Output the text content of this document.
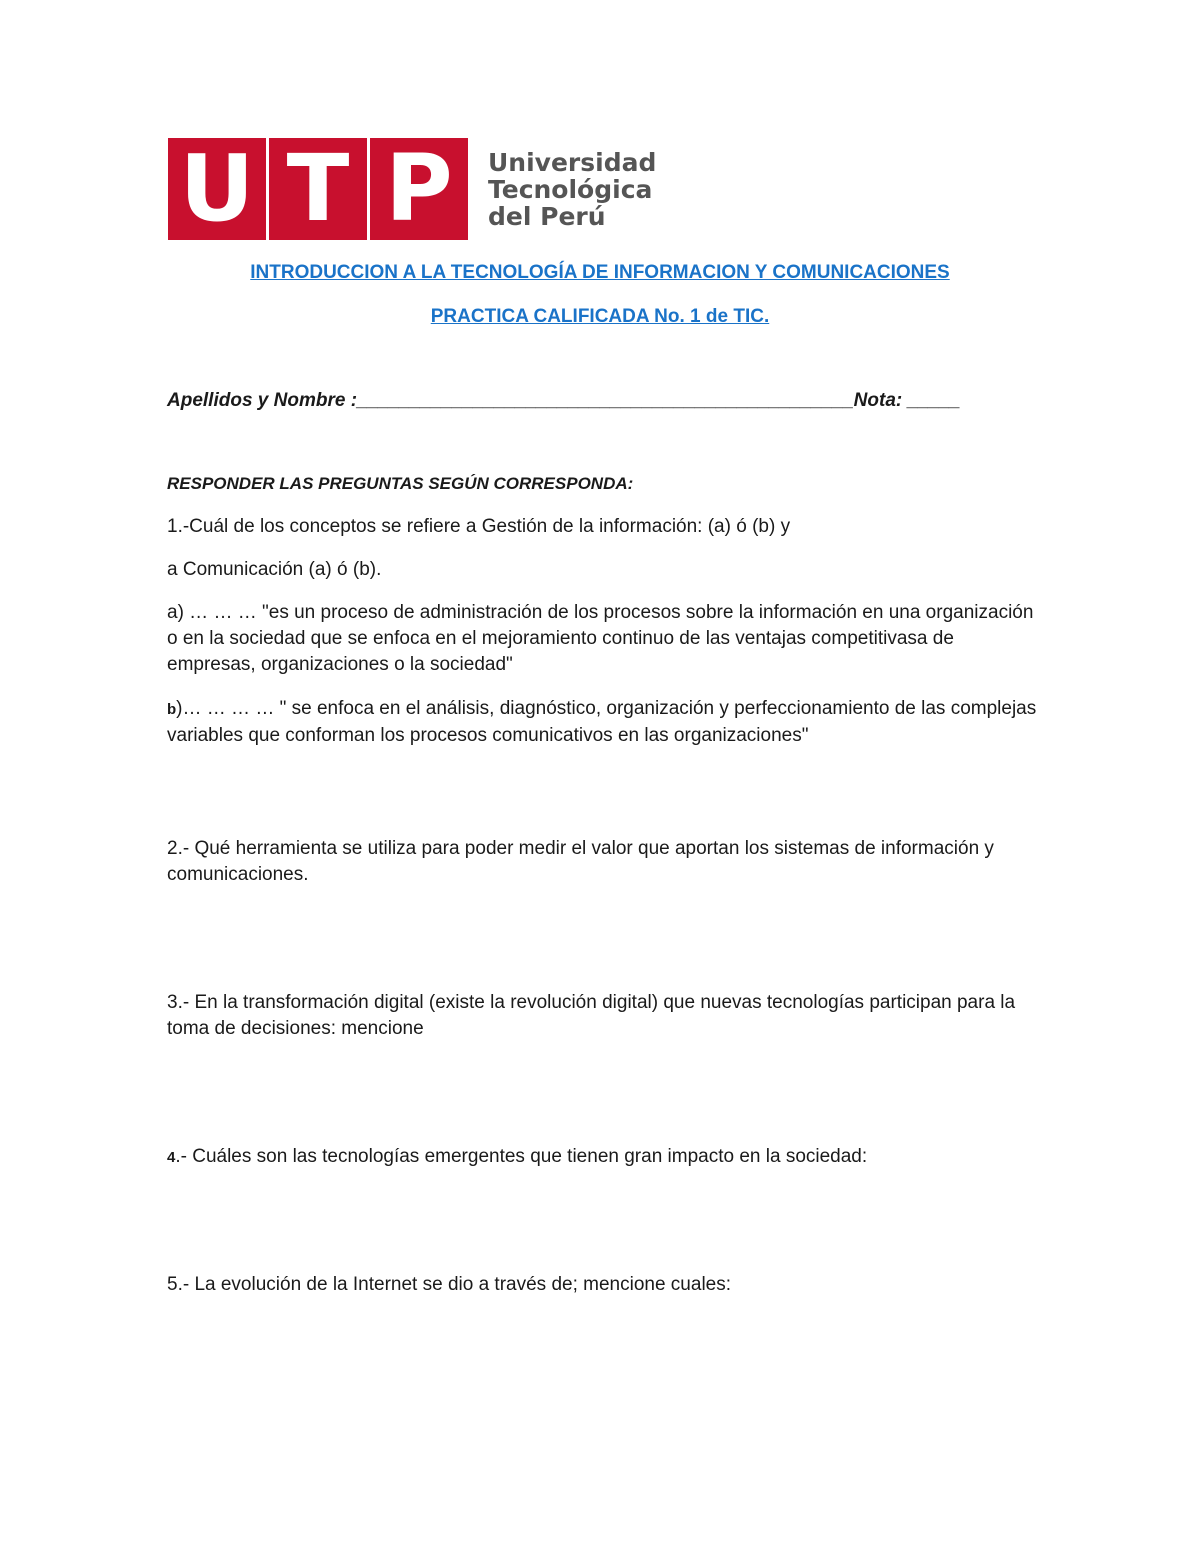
U T P	Universidad
Tecnológica
del Perú
INTRODUCCION A LA TECNOLOGÍA DE INFORMACION Y COMUNICACIONES
PRACTICA CALIFICADA No. 1 de TIC.
Apellidos y Nombre :_______________________________________________Nota: _____
RESPONDER LAS PREGUNTAS SEGÚN CORRESPONDA:
1.-Cuál de los conceptos se refiere a Gestión de la información: (a) ó (b) y
a Comunicación (a) ó (b).
a) … … … "es un proceso de administración de los procesos sobre la información en una organización o en la sociedad que se enfoca en el mejoramiento continuo de las ventajas competitivasa de empresas, organizaciones o la sociedad"
b)… … … … " se enfoca en el análisis, diagnóstico, organización y perfeccionamiento de las complejas variables que conforman los procesos comunicativos en las organizaciones"
2.- Qué herramienta se utiliza para poder medir el valor que aportan los sistemas de información y comunicaciones.
3.- En la transformación digital (existe la revolución digital) que nuevas tecnologías participan para la toma de decisiones: mencione
4.- Cuáles son las tecnologías emergentes que tienen gran impacto en la sociedad:
5.- La evolución de la Internet se dio a través de; mencione cuales:
